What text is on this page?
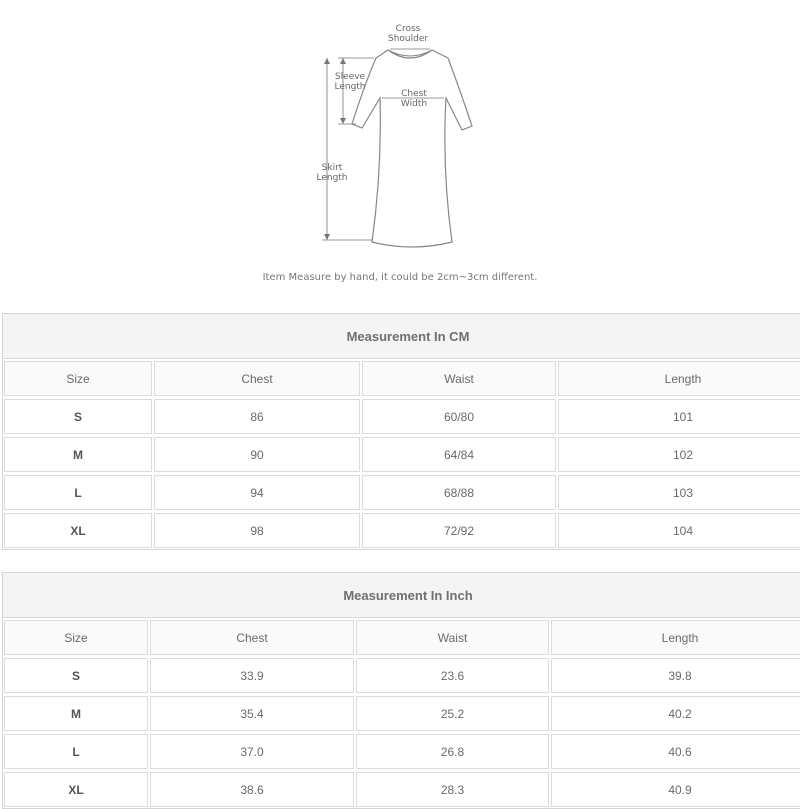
Cross
Shoulder
Sleeve
Length
Chest
Width
Skirt
Length
Item Measure by hand, it could be 2cm~3cm different.
Measurement In CM
Size	Chest	Waist	Length
S	86	60/80	101
M	90	64/84	102
L	94	68/88	103
XL	98	72/92	104
Measurement In Inch
Size	Chest	Waist	Length
S	33.9	23.6	39.8
M	35.4	25.2	40.2
L	37.0	26.8	40.6
XL	38.6	28.3	40.9
